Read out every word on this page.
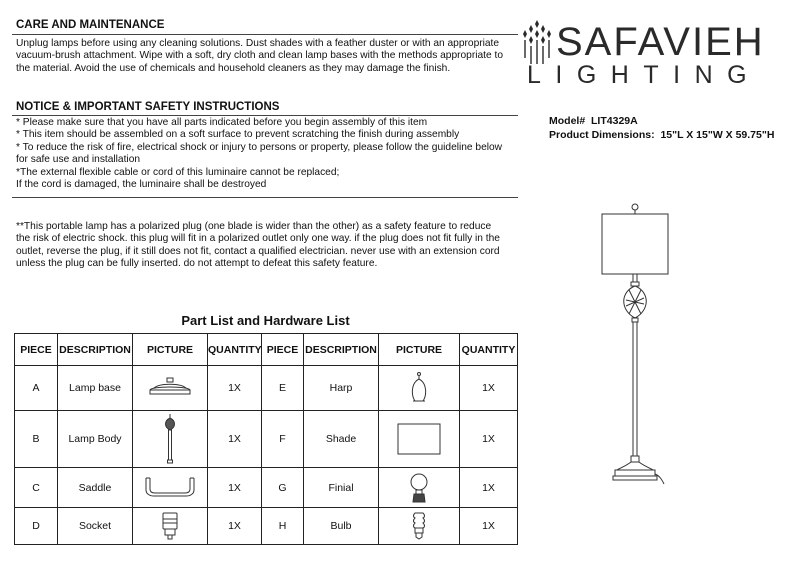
CARE AND MAINTENANCE
Unplug lamps before using any cleaning solutions. Dust shades with a feather duster or with an appropriate
vacuum-brush attachment. Wipe with a soft, dry cloth and clean lamp bases with the methods appropriate to
the material. Avoid the use of chemicals and household cleaners as they may damage the finish.
NOTICE & IMPORTANT SAFETY INSTRUCTIONS
* Please make sure that you have all parts indicated before you begin assembly of this item
* This item should be assembled on a soft surface to prevent scratching the finish during assembly
* To reduce the risk of fire, electrical shock or injury to persons or property, please follow the guideline below
for safe use and installation
*The external flexible cable or cord of this luminaire cannot be replaced;
If the cord is damaged, the luminaire shall be destroyed
**This portable lamp has a polarized plug (one blade is wider than the other) as a safety feature to reduce
the risk of electric shock. this plug will fit in a polarized outlet only one way. if the plug does not fit fully in the
outlet, reverse the plug, if it still does not fit, contact a qualified electrician. never use with an extension cord
unless the plug can be fully inserted. do not attempt to defeat this safety feature.
SAFAVIEH
LIGHTING
Model# LIT4329A
Product Dimensions: 15"L X 15"W X 59.75"H
Part List and Hardware List
PIECE	DESCRIPTION	PICTURE	QUANTITY	PIECE	DESCRIPTION	PICTURE	QUANTITY
A	Lamp base		1X	E	Harp		1X
B	Lamp Body		1X	F	Shade		1X
C	Saddle		1X	G	Finial		1X
D	Socket		1X	H	Bulb		1X
